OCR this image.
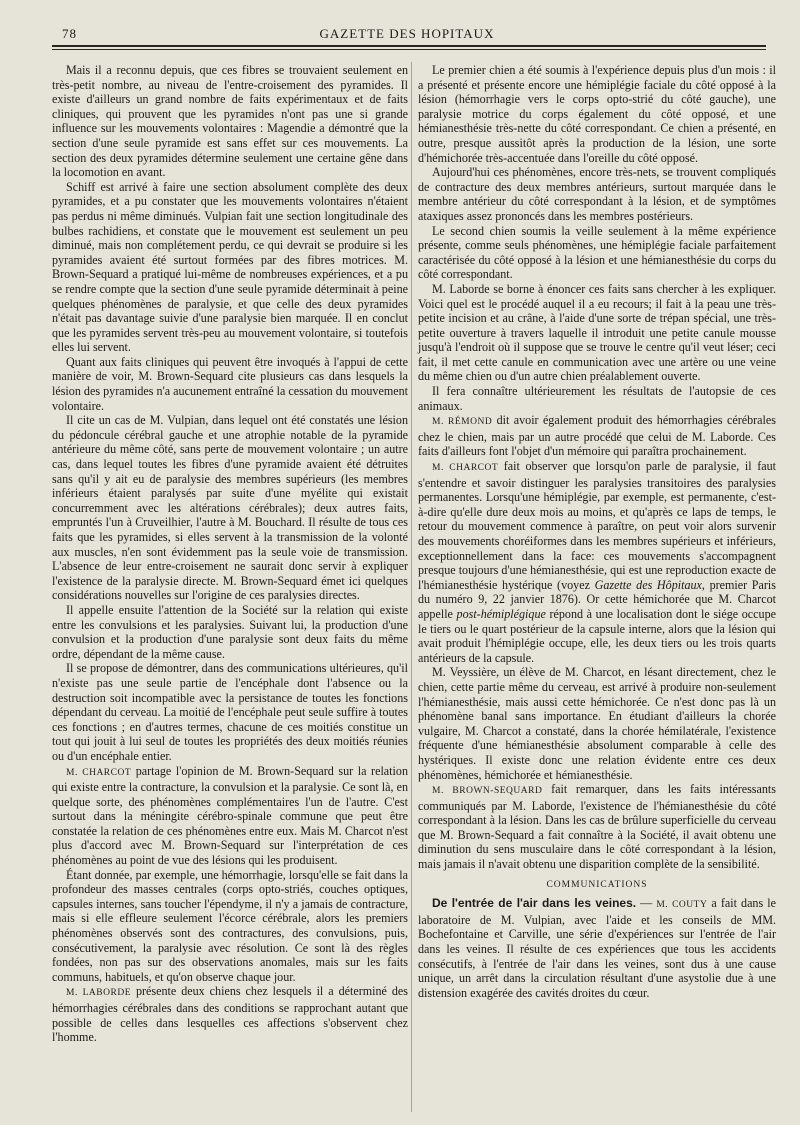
78	GAZETTE DES HOPITAUX

Mais il a reconnu depuis, que ces fibres se trouvaient seulement en très-petit nombre, au niveau de l'entre-croisement des pyramides. Il existe d'ailleurs un grand nombre de faits expérimentaux et de faits cliniques, qui prouvent que les pyramides n'ont pas une si grande influence sur les mouvements volontaires : Magendie a démontré que la section d'une seule pyramide est sans effet sur ces mouvements. La section des deux pyramides détermine seulement une certaine gêne dans la locomotion en avant.

Schiff est arrivé à faire une section absolument complète des deux pyramides, et a pu constater que les mouvements volontaires n'étaient pas perdus ni même diminués. Vulpian fait une section longitudinale des bulbes rachidiens, et constate que le mouvement est seulement un peu diminué, mais non complétement perdu, ce qui devrait se produire si les pyramides avaient été surtout formées par des fibres motrices. M. Brown-Sequard a pratiqué lui-même de nombreuses expériences, et a pu se rendre compte que la section d'une seule pyramide déterminait à peine quelques phénomènes de paralysie, et que celle des deux pyramides n'était pas davantage suivie d'une paralysie bien marquée. Il en conclut que les pyramides servent très-peu au mouvement volontaire, si toutefois elles lui servent.

Quant aux faits cliniques qui peuvent être invoqués à l'appui de cette manière de voir, M. Brown-Sequard cite plusieurs cas dans lesquels la lésion des pyramides n'a aucunement entraîné la cessation du mouvement volontaire.

Il cite un cas de M. Vulpian, dans lequel ont été constatés une lésion du pédoncule cérébral gauche et une atrophie notable de la pyramide antérieure du même côté, sans perte de mouvement volontaire ; un autre cas, dans lequel toutes les fibres d'une pyramide avaient été détruites sans qu'il y ait eu de paralysie des membres supérieurs (les membres inférieurs étaient paralysés par suite d'une myélite qui existait concurremment avec les altérations cérébrales); deux autres faits, empruntés l'un à Cruveilhier, l'autre à M. Bouchard. Il résulte de tous ces faits que les pyramides, si elles servent à la transmission de la volonté aux muscles, n'en sont évidemment pas la seule voie de transmission. L'absence de leur entre-croisement ne saurait donc servir à expliquer l'existence de la paralysie directe. M. Brown-Sequard émet ici quelques considérations nouvelles sur l'origine de ces paralysies directes.

Il appelle ensuite l'attention de la Société sur la relation qui existe entre les convulsions et les paralysies. Suivant lui, la production d'une convulsion et la production d'une paralysie sont deux faits du même ordre, dépendant de la même cause.

Il se propose de démontrer, dans des communications ultérieures, qu'il n'existe pas une seule partie de l'encéphale dont l'absence ou la destruction soit incompatible avec la persistance de toutes les fonctions dépendant du cerveau. La moitié de l'encéphale peut seule suffire à toutes ces fonctions ; en d'autres termes, chacune de ces moitiés constitue un tout qui jouit à lui seul de toutes les propriétés des deux moitiés réunies ou d'un encéphale entier.

M. CHARCOT partage l'opinion de M. Brown-Sequard sur la relation qui existe entre la contracture, la convulsion et la paralysie. Ce sont là, en quelque sorte, des phénomènes complémentaires l'un de l'autre. C'est surtout dans la méningite cérébro-spinale commune que peut être constatée la relation de ces phénomènes entre eux. Mais M. Charcot n'est plus d'accord avec M. Brown-Sequard sur l'interprétation de ces phénomènes au point de vue des lésions qui les produisent.

Étant donnée, par exemple, une hémorrhagie, lorsqu'elle se fait dans la profondeur des masses centrales (corps opto-striés, couches optiques, capsules internes, sans toucher l'épendyme, il n'y a jamais de contracture, mais si elle effleure seulement l'écorce cérébrale, alors les premiers phénomènes observés sont des contractures, des convulsions, puis, consécutivement, la paralysie avec résolution. Ce sont là des règles fondées, non pas sur des observations anomales, mais sur les faits communs, habituels, et qu'on observe chaque jour.

M. LABORDE présente deux chiens chez lesquels il a déterminé des hémorrhagies cérébrales dans des conditions se rapprochant autant que possible de celles dans lesquelles ces affections s'observent chez l'homme.

Le premier chien a été soumis à l'expérience depuis plus d'un mois : il a présenté et présente encore une hémiplégie faciale du côté opposé à la lésion (hémorrhagie vers le corps opto-strié du côté gauche), une paralysie motrice du corps également du côté opposé, et une hémianesthésie très-nette du côté correspondant. Ce chien a présenté, en outre, presque aussitôt après la production de la lésion, une sorte d'hémichorée très-accentuée dans l'oreille du côté opposé.

Aujourd'hui ces phénomènes, encore très-nets, se trouvent compliqués de contracture des deux membres antérieurs, surtout marquée dans le membre antérieur du côté correspondant à la lésion, et de symptômes ataxiques assez prononcés dans les membres postérieurs.

Le second chien soumis la veille seulement à la même expérience présente, comme seuls phénomènes, une hémiplégie faciale parfaitement caractérisée du côté opposé à la lésion et une hémianesthésie du corps du côté correspondant.

M. Laborde se borne à énoncer ces faits sans chercher à les expliquer. Voici quel est le procédé auquel il a eu recours; il fait à la peau une très-petite incision et au crâne, à l'aide d'une sorte de trépan spécial, une très-petite ouverture à travers laquelle il introduit une petite canule mousse jusqu'à l'endroit où il suppose que se trouve le centre qu'il veut léser; ceci fait, il met cette canule en communication avec une artère ou une veine du même chien ou d'un autre chien préalablement ouverte.

Il fera connaître ultérieurement les résultats de l'autopsie de ces animaux.

M. RÉMOND dit avoir également produit des hémorrhagies cérébrales chez le chien, mais par un autre procédé que celui de M. Laborde. Ces faits d'ailleurs font l'objet d'un mémoire qui paraîtra prochainement.

M. CHARCOT fait observer que lorsqu'on parle de paralysie, il faut s'entendre et savoir distinguer les paralysies transitoires des paralysies permanentes. Lorsqu'une hémiplégie, par exemple, est permanente, c'est-à-dire qu'elle dure deux mois au moins, et qu'après ce laps de temps, le retour du mouvement commence à paraître, on peut voir alors survenir des mouvements choréiformes dans les membres supérieurs et inférieurs, exceptionnellement dans la face: ces mouvements s'accompagnent presque toujours d'une hémianesthésie, qui est une reproduction exacte de l'hémianesthésie hystérique (voyez Gazette des Hôpitaux, premier Paris du numéro 9, 22 janvier 1876). Or cette hémichorée que M. Charcot appelle post-hémiplégique répond à une localisation dont le siége occupe le tiers ou le quart postérieur de la capsule interne, alors que la lésion qui avait produit l'hémiplégie occupe, elle, les deux tiers ou les trois quarts antérieurs de la capsule.

M. Veyssière, un élève de M. Charcot, en lésant directement, chez le chien, cette partie même du cerveau, est arrivé à produire non-seulement l'hémianesthésie, mais aussi cette hémichorée. Ce n'est donc pas là un phénomène banal sans importance. En étudiant d'ailleurs la chorée vulgaire, M. Charcot a constaté, dans la chorée hémilatérale, l'existence fréquente d'une hémianesthésie absolument comparable à celle des hystériques. Il existe donc une relation évidente entre ces deux phénomènes, hémichorée et hémianesthésie.

M. BROWN-SEQUARD fait remarquer, dans les faits intéressants communiqués par M. Laborde, l'existence de l'hémianesthésie du côté correspondant à la lésion. Dans les cas de brûlure superficielle du cerveau que M. Brown-Sequard a fait connaître à la Société, il avait obtenu une diminution du sens musculaire dans le côté correspondant à la lésion, mais jamais il n'avait obtenu une disparition complète de la sensibilité.

COMMUNICATIONS

De l'entrée de l'air dans les veines. — M. COUTY a fait dans le laboratoire de M. Vulpian, avec l'aide et les conseils de MM. Bochefontaine et Carville, une série d'expériences sur l'entrée de l'air dans les veines. Il résulte de ces expériences que tous les accidents consécutifs, à l'entrée de l'air dans les veines, sont dus à une cause unique, un arrêt dans la circulation résultant d'une asystolie due à une distension exagérée des cavités droites du cœur.
